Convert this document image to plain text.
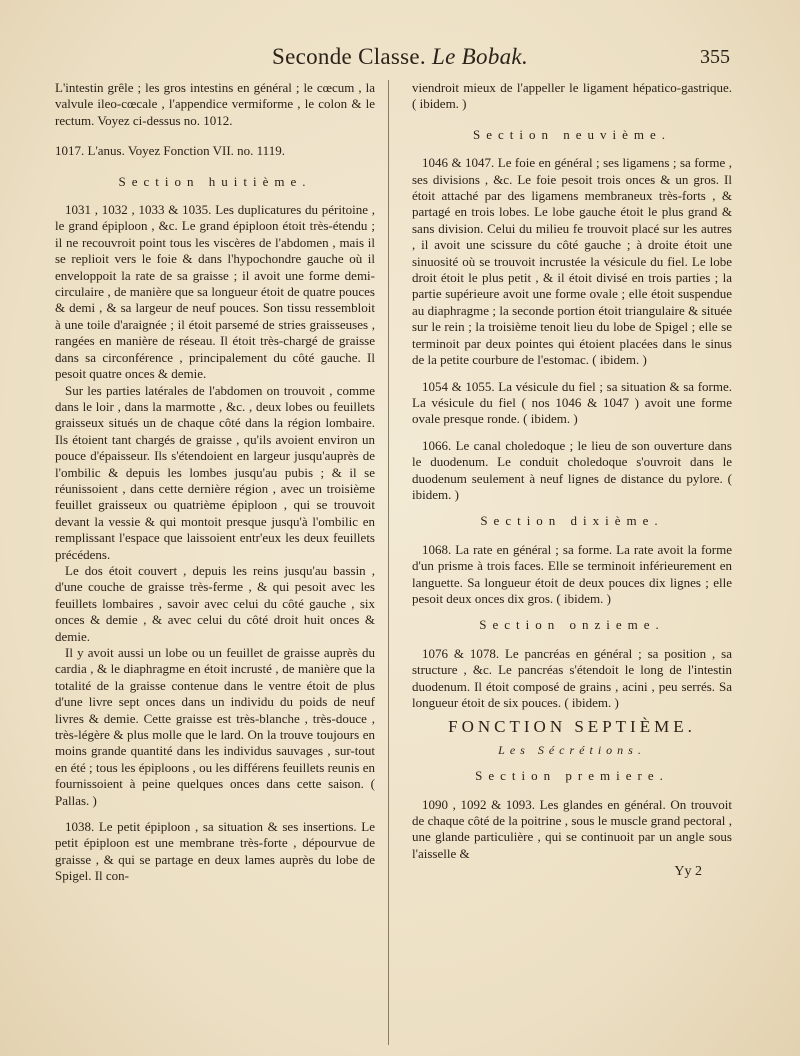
Seconde Classe. Le Bobak.	355

L'intestin grêle ; les gros intestins en général ; le cœcum , la valvule ileo-cœcale , l'appendice vermiforme , le colon & le rectum. Voyez ci-dessus no. 1012.

1017. L'anus. Voyez Fonction VII. no. 1119.

Section huitième.

1031 , 1032 , 1033 & 1035. Les duplicatures du péritoine , le grand épiploon , &c. Le grand épiploon étoit très-étendu ; il ne recouvroit point tous les viscères de l'abdomen , mais il se replioit vers le foie & dans l'hypochondre gauche où il enveloppoit la rate de sa graisse ; il avoit une forme demi-circulaire , de manière que sa longueur étoit de quatre pouces & demi , & sa largeur de neuf pouces. Son tissu ressembloit à une toile d'araignée ; il étoit parsemé de stries graisseuses , rangées en manière de réseau. Il étoit très-chargé de graisse dans sa circonférence , principalement du côté gauche. Il pesoit quatre onces & demie.

Sur les parties latérales de l'abdomen on trouvoit , comme dans le loir , dans la marmotte , &c. , deux lobes ou feuillets graisseux situés un de chaque côté dans la région lombaire. Ils étoient tant chargés de graisse , qu'ils avoient environ un pouce d'épaisseur. Ils s'étendoient en largeur jusqu'auprès de l'ombilic & depuis les lombes jusqu'au pubis ; & il se réunissoient , dans cette dernière région , avec un troisième feuillet graisseux ou quatrième épiploon , qui se trouvoit devant la vessie & qui montoit presque jusqu'à l'ombilic en remplissant l'espace que laissoient entr'eux les deux feuillets précédens.

Le dos étoit couvert , depuis les reins jusqu'au bassin , d'une couche de graisse très-ferme , & qui pesoit avec les feuillets lombaires , savoir avec celui du côté gauche , six onces & demie , & avec celui du côté droit huit onces & demie.

Il y avoit aussi un lobe ou un feuillet de graisse auprès du cardia , & le diaphragme en étoit incrusté , de manière que la totalité de la graisse contenue dans le ventre étoit de plus d'une livre sept onces dans un individu du poids de neuf livres & demie. Cette graisse est très-blanche , très-douce , très-légère & plus molle que le lard. On la trouve toujours en moins grande quantité dans les individus sauvages , sur-tout en été ; tous les épiploons , ou les différens feuillets reunis en fournissoient à peine quelques onces dans cette saison. ( Pallas. )

1038. Le petit épiploon , sa situation & ses insertions. Le petit épiploon est une membrane très-forte , dépourvue de graisse , & qui se partage en deux lames auprès du lobe de Spigel. Il con-

viendroit mieux de l'appeller le ligament hépatico-gastrique. ( ibidem. )

Section neuvième.

1046 & 1047. Le foie en général ; ses ligamens ; sa forme , ses divisions , &c. Le foie pesoit trois onces & un gros. Il étoit attaché par des ligamens membraneux très-forts , & partagé en trois lobes. Le lobe gauche étoit le plus grand & sans division. Celui du milieu fe trouvoit placé sur les autres , il avoit une scissure du côté gauche ; à droite étoit une sinuosité où se trouvoit incrustée la vésicule du fiel. Le lobe droit étoit le plus petit , & il étoit divisé en trois parties ; la partie supérieure avoit une forme ovale ; elle étoit suspendue au diaphragme ; la seconde portion étoit triangulaire & située sur le rein ; la troisième tenoit lieu du lobe de Spigel ; elle se terminoit par deux pointes qui étoient placées dans le sinus de la petite courbure de l'estomac. ( ibidem. )

1054 & 1055. La vésicule du fiel ; sa situation & sa forme. La vésicule du fiel ( nos 1046 & 1047 ) avoit une forme ovale presque ronde. ( ibidem. )

1066. Le canal choledoque ; le lieu de son ouverture dans le duodenum. Le conduit choledoque s'ouvroit dans le duodenum seulement à neuf lignes de distance du pylore. ( ibidem. )

Section dixième.

1068. La rate en général ; sa forme. La rate avoit la forme d'un prisme à trois faces. Elle se terminoit inférieurement en languette. Sa longueur étoit de deux pouces dix lignes ; elle pesoit deux onces dix gros. ( ibidem. )

Section onzieme.

1076 & 1078. Le pancréas en général ; sa position , sa structure , &c. Le pancréas s'étendoit le long de l'intestin duodenum. Il étoit composé de grains , acini , peu serrés. Sa longueur étoit de six pouces. ( ibidem. )

FONCTION SEPTIÈME.
Les Sécrétions.
Section premiere.

1090 , 1092 & 1093. Les glandes en général. On trouvoit de chaque côté de la poitrine , sous le muscle grand pectoral , une glande particulière , qui se continuoit par un angle sous l'aisselle &

Yy 2
